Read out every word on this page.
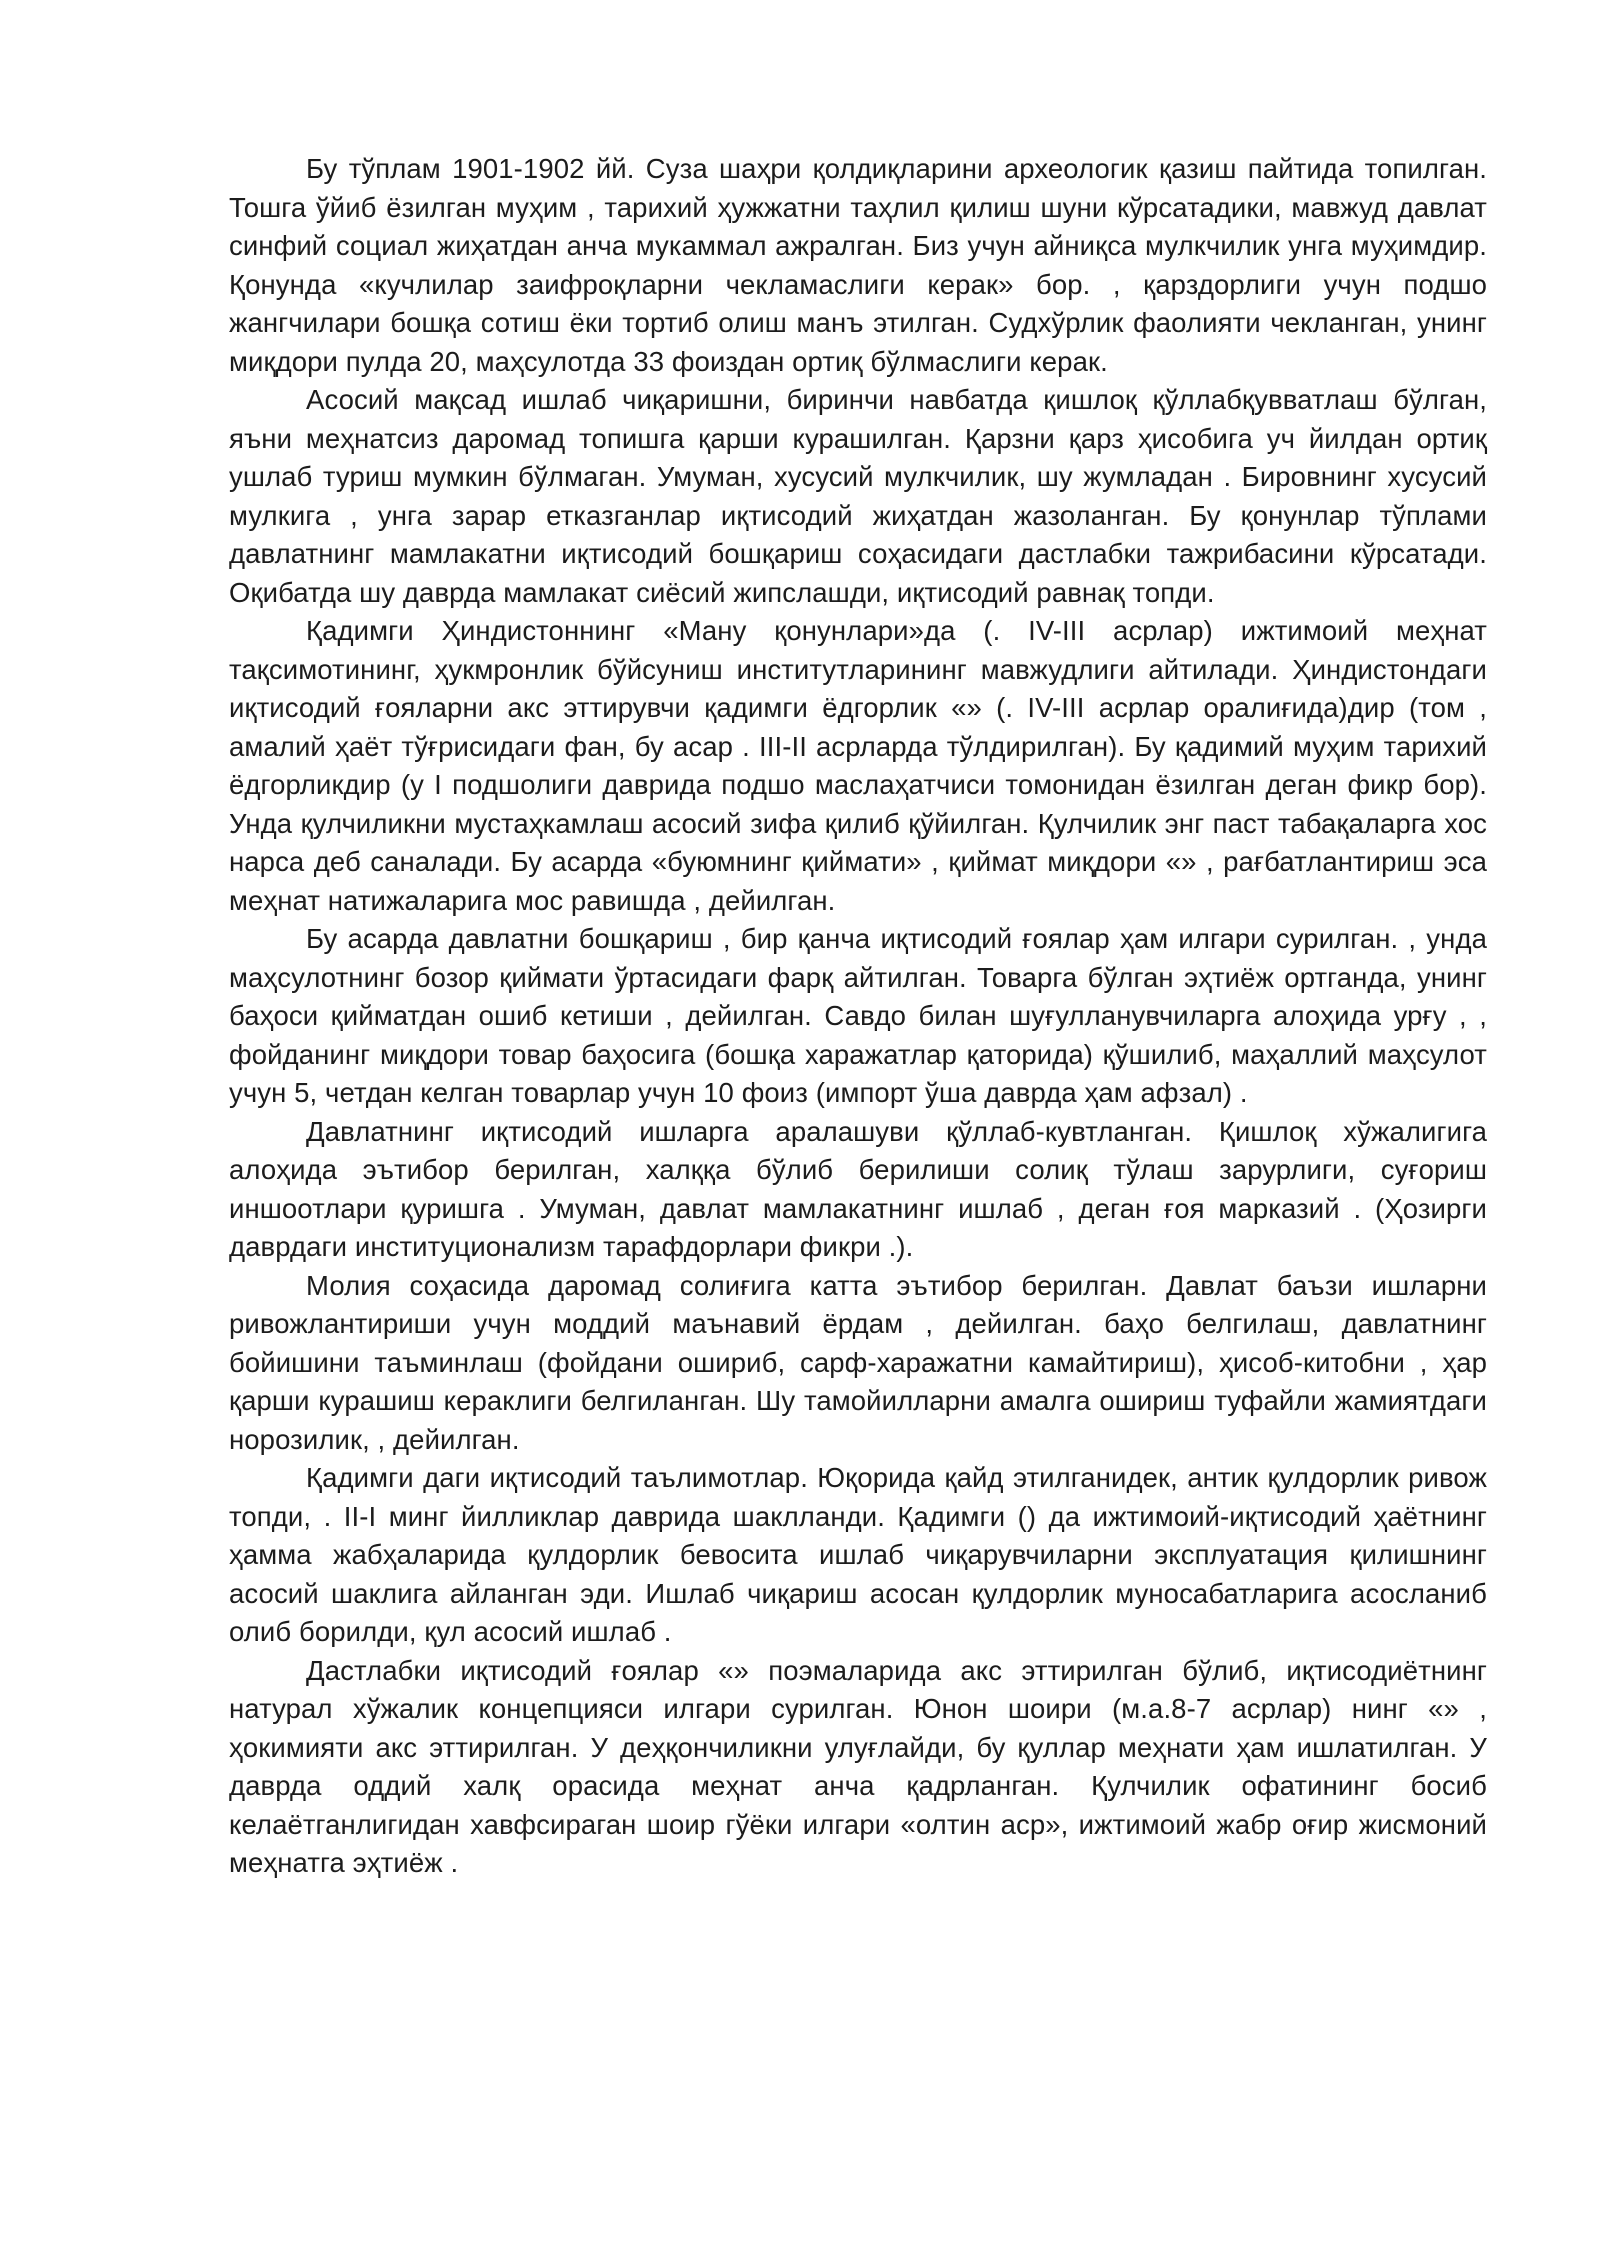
Бу тўплам 1901-1902 йй. Суза шаҳри қолдиқларини археологик қазиш пайтида топилган. Тошга ўйиб ёзилган муҳим , тарихий ҳужжатни таҳлил қилиш шуни кўрсатадики, мавжуд давлат синфий социал жиҳатдан анча мукаммал ажралган. Биз учун айниқса мулкчилик унга муҳимдир. Қонунда «кучлилар заифроқларни чекламаслиги керак» бор. , қарздорлиги учун подшо жангчилари бошқа сотиш ёки тортиб олиш манъ этилган. Судхўрлик фаолияти чекланган, унинг миқдори пулда 20, маҳсулотда 33 фоиздан ортиқ бўлмаслиги керак.

Асосий мақсад ишлаб чиқаришни, биринчи навбатда қишлоқ қўллабқувватлаш бўлган, яъни меҳнатсиз даромад топишга қарши курашилган. Қарзни қарз ҳисобига уч йилдан ортиқ ушлаб туриш мумкин бўлмаган. Умуман, хусусий мулкчилик, шу жумладан . Бировнинг хусусий мулкига , унга зарар етказганлар иқтисодий жиҳатдан жазоланган. Бу қонунлар тўплами давлатнинг мамлакатни иқтисодий бошқариш соҳасидаги дастлабки тажрибасини кўрсатади. Оқибатда шу даврда мамлакат сиёсий жипслашди, иқтисодий равнақ топди.

Қадимги Ҳиндистоннинг «Ману қонунлари»да (. IV-III асрлар) ижтимоий меҳнат тақсимотининг, ҳукмронлик бўйсуниш институтларининг мавжудлиги айтилади. Ҳиндистондаги иқтисодий ғояларни акс эттирувчи қадимги ёдгорлик «» (. IV-III асрлар оралиғида)дир (том , амалий ҳаёт тўғрисидаги фан, бу асар . III-II асрларда тўлдирилган). Бу қадимий муҳим тарихий ёдгорликдир (у I подшолиги даврида подшо маслаҳатчиси томонидан ёзилган деган фикр бор). Унда қулчиликни мустаҳкамлаш асосий зифа қилиб қўйилган. Қулчилик энг паст табақаларга хос нарса деб саналади. Бу асарда «буюмнинг қиймати» , қиймат миқдори «» , рағбатлантириш эса меҳнат натижаларига мос равишда , дейилган.

Бу асарда давлатни бошқариш , бир қанча иқтисодий ғоялар ҳам илгари сурилган. , унда маҳсулотнинг бозор қиймати ўртасидаги фарқ айтилган. Товарга бўлган эҳтиёж ортганда, унинг баҳоси қийматдан ошиб кетиши , дейилган. Савдо билан шуғулланувчиларга алоҳида урғу , , фойданинг миқдори товар баҳосига (бошқа харажатлар қаторида) қўшилиб, маҳаллий маҳсулот учун 5, четдан келган товарлар учун 10 фоиз (импорт ўша даврда ҳам афзал) .

Давлатнинг иқтисодий ишларга аралашуви қўллаб-кувтланган. Қишлоқ хўжалигига алоҳида эътибор берилган, халққа бўлиб берилиши солиқ тўлаш зарурлиги, суғориш иншоотлари қуришга . Умуман, давлат мамлакатнинг ишлаб , деган ғоя марказий . (Ҳозирги даврдаги институционализм тарафдорлари фикри .).

Молия соҳасида даромад солиғига катта эътибор берилган. Давлат баъзи ишларни ривожлантириши учун моддий маънавий ёрдам , дейилган. баҳо белгилаш, давлатнинг бойишини таъминлаш (фойдани ошириб, сарф-харажатни камайтириш), ҳисоб-китобни , ҳар қарши курашиш кераклиги белгиланган. Шу тамойилларни амалга ошириш туфайли жамиятдаги норозилик, , дейилган.

Қадимги даги иқтисодий таълимотлар. Юқорида қайд этилганидек, антик қулдорлик ривож топди, . II-I минг йилликлар даврида шаклланди. Қадимги () да ижтимоий-иқтисодий ҳаётнинг ҳамма жабҳаларида қулдорлик бевосита ишлаб чиқарувчиларни эксплуатация қилишнинг асосий шаклига айланган эди. Ишлаб чиқариш асосан қулдорлик муносабатларига асосланиб олиб борилди, қул асосий ишлаб .

Дастлабки иқтисодий ғоялар «» поэмаларида акс эттирилган бўлиб, иқтисодиётнинг натурал хўжалик концепцияси илгари сурилган. Юнон шоири (м.а.8-7 асрлар) нинг «» , ҳокимияти акс эттирилган. У деҳқончиликни улуғлайди, бу қуллар меҳнати ҳам ишлатилган. У даврда оддий халқ орасида меҳнат анча қадрланган. Қулчилик офатининг босиб келаётганлигидан хавфсираган шоир гўёки илгари «олтин аср», ижтимоий жабр оғир жисмоний меҳнатга эҳтиёж .
